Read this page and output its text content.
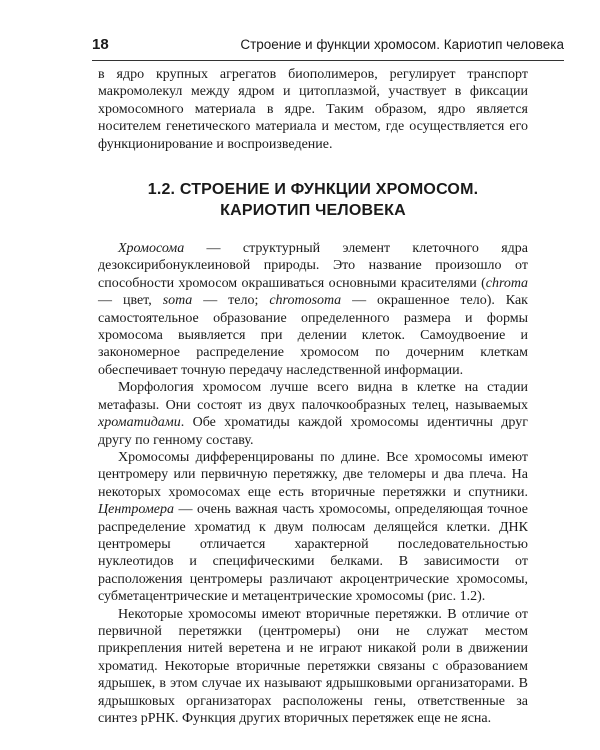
18	Строение и функции хромосом. Кариотип человека

в ядро крупных агрегатов биополимеров, регулирует транспорт макромолекул между ядром и цитоплазмой, участвует в фиксации хромосомного материала в ядре. Таким образом, ядро является носителем генетического материала и местом, где осуществляется его функционирование и воспроизведение.

1.2. СТРОЕНИЕ И ФУНКЦИИ ХРОМОСОМ.
КАРИОТИП ЧЕЛОВЕКА

Хромосома — структурный элемент клеточного ядра дезоксирибонуклеиновой природы. Это название произошло от способности хромосом окрашиваться основными красителями (chroma — цвет, soma — тело; chromosoma — окрашенное тело). Как самостоятельное образование определенного размера и формы хромосома выявляется при делении клеток. Самоудвоение и закономерное распределение хромосом по дочерним клеткам обеспечивает точную передачу наследственной информации.

Морфология хромосом лучше всего видна в клетке на стадии метафазы. Они состоят из двух палочкообразных телец, называемых хроматидами. Обе хроматиды каждой хромосомы идентичны друг другу по генному составу.

Хромосомы дифференцированы по длине. Все хромосомы имеют центромеру или первичную перетяжку, две теломеры и два плеча. На некоторых хромосомах еще есть вторичные перетяжки и спутники. Центромера — очень важная часть хромосомы, определяющая точное распределение хроматид к двум полюсам делящейся клетки. ДНК центромеры отличается характерной последовательностью нуклеотидов и специфическими белками. В зависимости от расположения центромеры различают акроцентрические хромосомы, субметацентрические и метацентрические хромосомы (рис. 1.2).

Некоторые хромосомы имеют вторичные перетяжки. В отличие от первичной перетяжки (центромеры) они не служат местом прикрепления нитей веретена и не играют никакой роли в движении хроматид. Некоторые вторичные перетяжки связаны с образованием ядрышек, в этом случае их называют ядрышковыми организаторами. В ядрышковых организаторах расположены гены, ответственные за синтез рРНК. Функция других вторичных перетяжек еще не ясна.
